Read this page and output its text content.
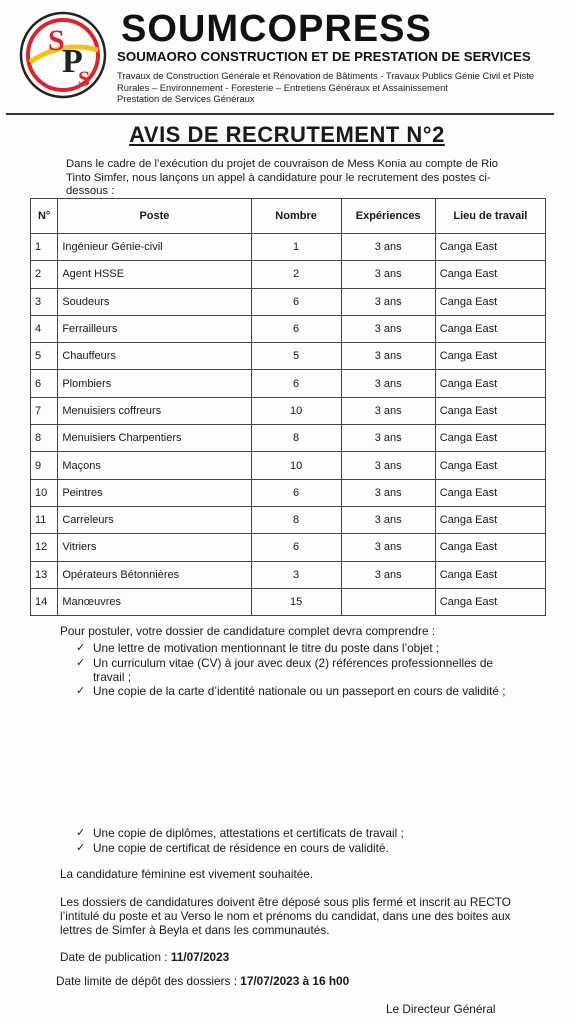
S
P
S
SOUMCOPRESS
SOUMAORO CONSTRUCTION ET DE PRESTATION DE SERVICES
Travaux de Construction Générale et Rénovation de Bâtiments - Travaux Publics Génie Civil et Piste
Rurales – Environnement - Foresterie – Entretiens Généraux et Assainissement
Prestation de Services Généraux
AVIS DE RECRUTEMENT N°2
Dans le cadre de l’exécution du projet de couvraison de Mess Konia au compte de Rio Tinto Simfer, nous lançons un appel à candidature pour le recrutement des postes ci-dessous :
N°	Poste	Nombre	Expériences	Lieu de travail
1	Ingénieur Génie-civil	1	3 ans	Canga East
2	Agent HSSE	2	3 ans	Canga East
3	Soudeurs	6	3 ans	Canga East
4	Ferrailleurs	6	3 ans	Canga East
5	Chauffeurs	5	3 ans	Canga East
6	Plombiers	6	3 ans	Canga East
7	Menuisiers coffreurs	10	3 ans	Canga East
8	Menuisiers Charpentiers	8	3 ans	Canga East
9	Maçons	10	3 ans	Canga East
10	Peintres	6	3 ans	Canga East
11	Carreleurs	8	3 ans	Canga East
12	Vitriers	6	3 ans	Canga East
13	Opérateurs Bétonnières	3	3 ans	Canga East
14	Manœuvres	15		Canga East
Pour postuler, votre dossier de candidature complet devra comprendre :
✓ Une lettre de motivation mentionnant le titre du poste dans l’objet ;
✓ Un curriculum vitae (CV) à jour avec deux (2) références professionnelles de travail ;
✓ Une copie de la carte d’identité nationale ou un passeport en cours de validité ;
✓ Une copie de diplômes, attestations et certificats de travail ;
✓ Une copie de certificat de résidence en cours de validité.
La candidature féminine est vivement souhaitée.
Les dossiers de candidatures doivent être déposé sous plis fermé et inscrit au RECTO l’intitulé du poste et au Verso le nom et prénoms du candidat, dans une des boites aux lettres de Simfer à Beyla et dans les communautés.
Date de publication : 11/07/2023
Date limite de dépôt des dossiers : 17/07/2023 à 16 h00
Le Directeur Général
